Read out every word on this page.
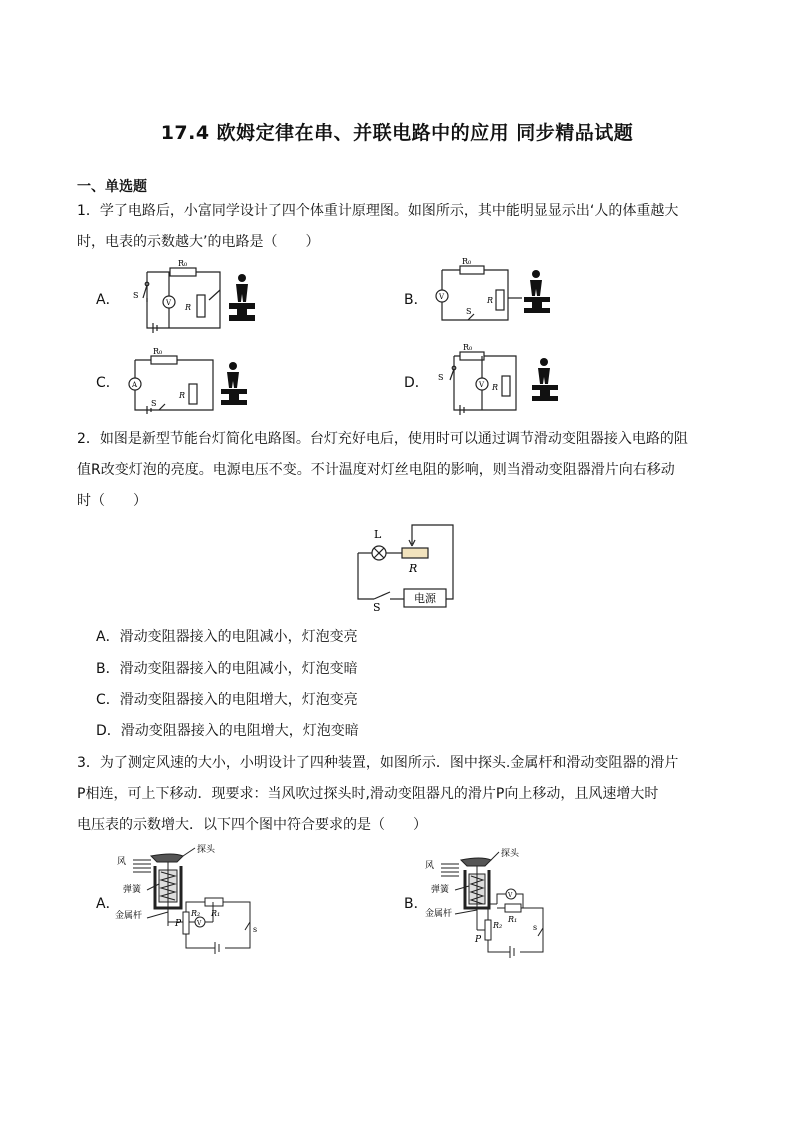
17.4 欧姆定律在串、并联电路中的应用 同步精品试题
一、单选题
1．学了电路后，小富同学设计了四个体重计原理图。如图所示，其中能明显显示出‘人的体重越大
时，电表的示数越大’的电路是（　　）
A．	B．
C．	D．
R₀
S
V R
R₀
V	R
S
R₀
A
R
S
R₀
S
V R
2．如图是新型节能台灯简化电路图。台灯充好电后，使用时可以通过调节滑动变阻器接入电路的阻
值R改变灯泡的亮度。电源电压不变。不计温度对灯丝电阻的影响，则当滑动变阻器滑片向右移动
时（　　）
L
R
S
电源
A．滑动变阻器接入的电阻减小，灯泡变亮
B．滑动变阻器接入的电阻减小，灯泡变暗
C．滑动变阻器接入的电阻增大，灯泡变亮
D．滑动变阻器接入的电阻增大，灯泡变暗
3．为了测定风速的大小，小明设计了四种装置，如图所示．图中探头.金属杆和滑动变阻器的滑片
P相连，可上下移动．现要求：当风吹过探头时,滑动变阻器凡的滑片P向上移动，且风速增大时
电压表的示数增大．以下四个图中符合要求的是（　　）
A．	B．
风
探头
弹簧
金属杆
P
R₂ R₁
V
s
风
探头
弹簧
金属杆
P
R₂
R₁
V
s
